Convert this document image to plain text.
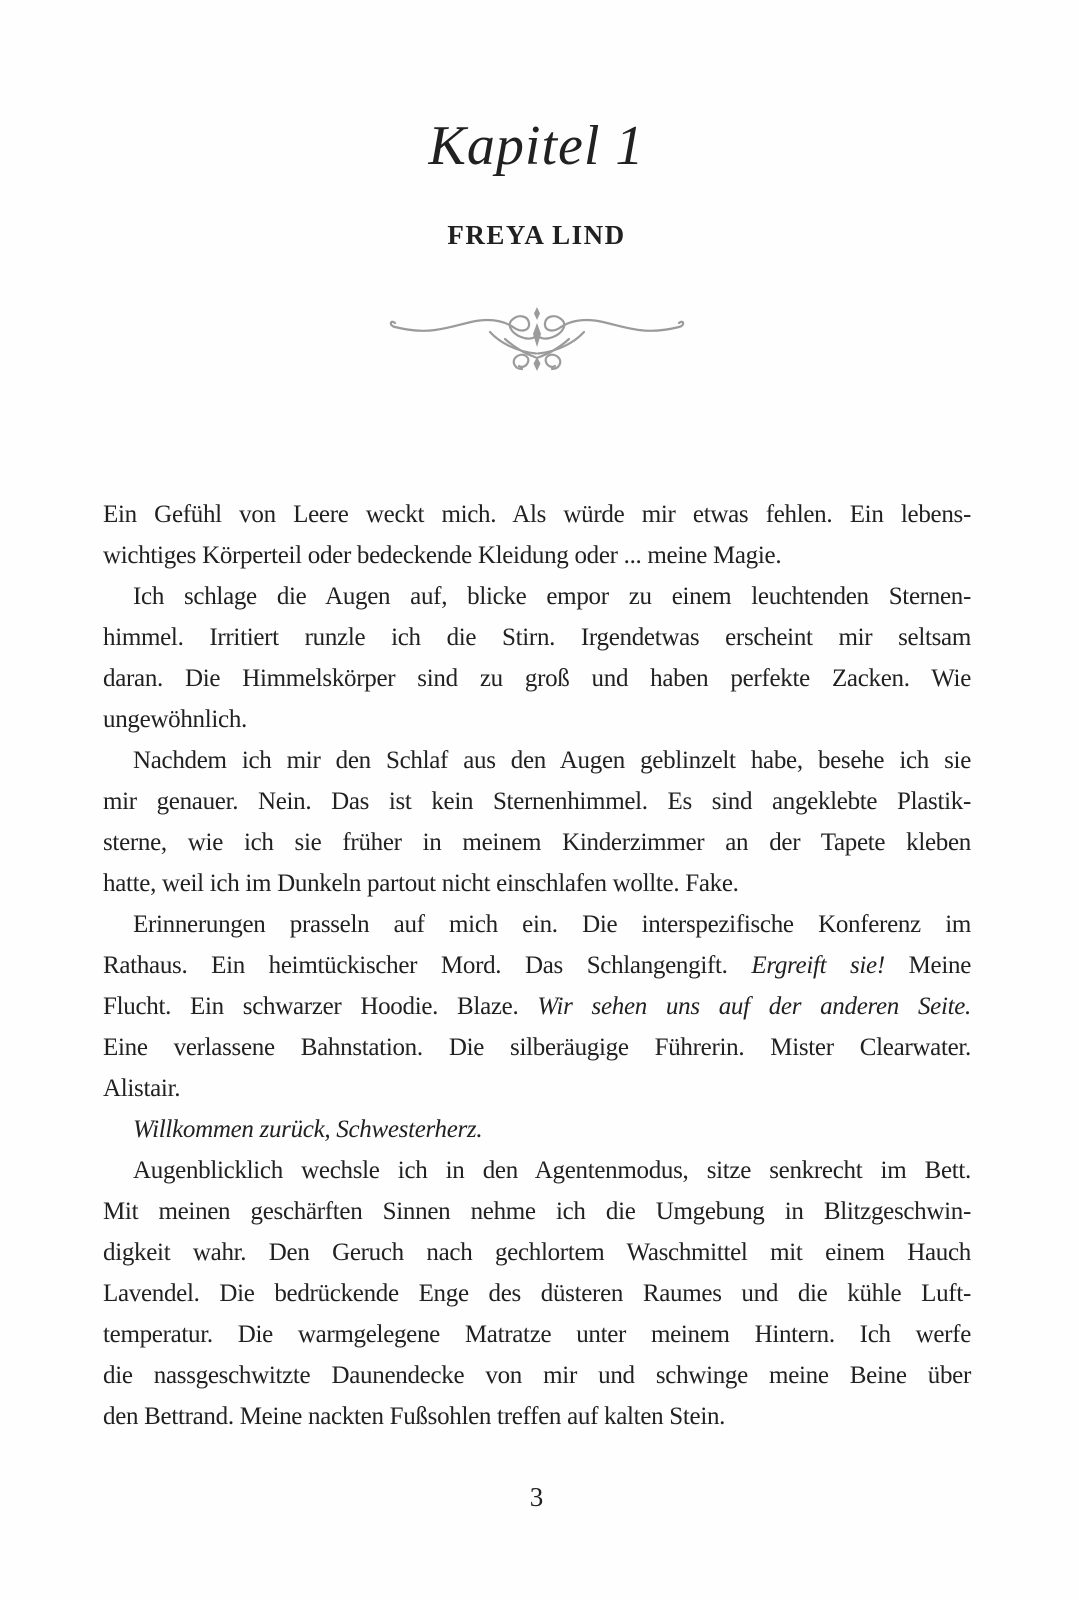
Kapitel 1
FREYA LIND
Ein Gefühl von Leere weckt mich. Als würde mir etwas fehlen. Ein lebens-
wichtiges Körperteil oder bedeckende Kleidung oder ... meine Magie.
Ich schlage die Augen auf, blicke empor zu einem leuchtenden Sternen-
himmel. Irritiert runzle ich die Stirn. Irgendetwas erscheint mir seltsam
daran. Die Himmelskörper sind zu groß und haben perfekte Zacken. Wie
ungewöhnlich.
Nachdem ich mir den Schlaf aus den Augen geblinzelt habe, besehe ich sie
mir genauer. Nein. Das ist kein Sternenhimmel. Es sind angeklebte Plastik-
sterne, wie ich sie früher in meinem Kinderzimmer an der Tapete kleben
hatte, weil ich im Dunkeln partout nicht einschlafen wollte. Fake.
Erinnerungen prasseln auf mich ein. Die interspezifische Konferenz im
Rathaus. Ein heimtückischer Mord. Das Schlangengift. Ergreift sie! Meine
Flucht. Ein schwarzer Hoodie. Blaze. Wir sehen uns auf der anderen Seite.
Eine verlassene Bahnstation. Die silberäugige Führerin. Mister Clearwater.
Alistair.
Willkommen zurück, Schwesterherz.
Augenblicklich wechsle ich in den Agentenmodus, sitze senkrecht im Bett.
Mit meinen geschärften Sinnen nehme ich die Umgebung in Blitzgeschwin-
digkeit wahr. Den Geruch nach gechlortem Waschmittel mit einem Hauch
Lavendel. Die bedrückende Enge des düsteren Raumes und die kühle Luft-
temperatur. Die warmgelegene Matratze unter meinem Hintern. Ich werfe
die nassgeschwitzte Daunendecke von mir und schwinge meine Beine über
den Bettrand. Meine nackten Fußsohlen treffen auf kalten Stein.
3
